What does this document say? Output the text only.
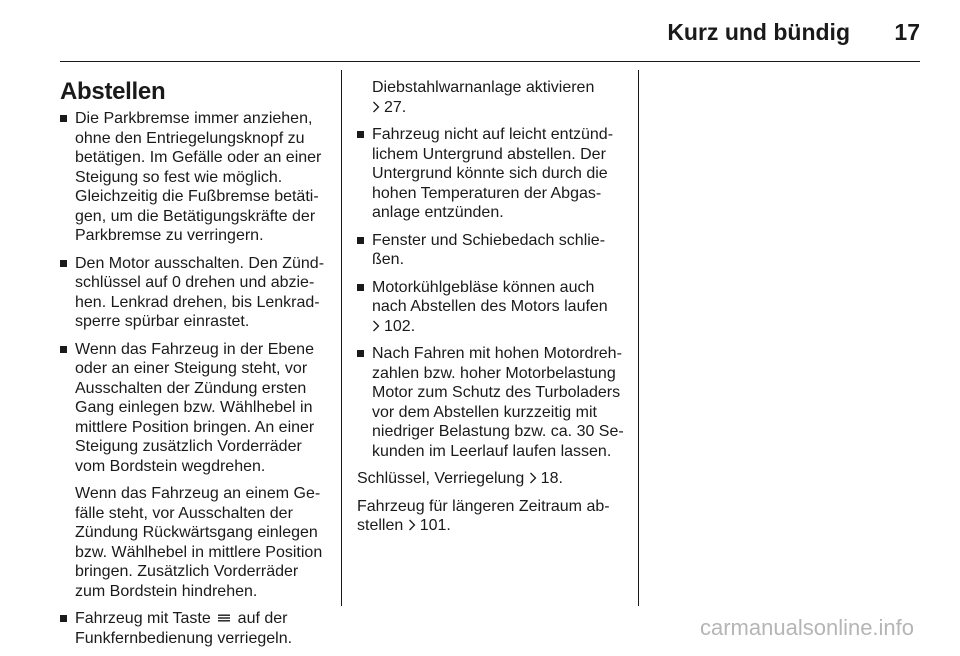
Kurz und bündig	17
Abstellen
Die Parkbremse immer anziehen,
ohne den Entriegelungsknopf zu
betätigen. Im Gefälle oder an einer
Steigung so fest wie möglich.
Gleichzeitig die Fußbremse betäti-
gen, um die Betätigungskräfte der
Parkbremse zu verringern.
Den Motor ausschalten. Den Zünd-
schlüssel auf 0 drehen und abzie-
hen. Lenkrad drehen, bis Lenkrad-
sperre spürbar einrastet.
Wenn das Fahrzeug in der Ebene
oder an einer Steigung steht, vor
Ausschalten der Zündung ersten
Gang einlegen bzw. Wählhebel in
mittlere Position bringen. An einer
Steigung zusätzlich Vorderräder
vom Bordstein wegdrehen.
Wenn das Fahrzeug an einem Ge-
fälle steht, vor Ausschalten der
Zündung Rückwärtsgang einlegen
bzw. Wählhebel in mittlere Position
bringen. Zusätzlich Vorderräder
zum Bordstein hindrehen.
Fahrzeug mit Taste auf der
Funkfernbedienung verriegeln.
Diebstahlwarnanlage aktivieren
27.
Fahrzeug nicht auf leicht entzünd-
lichem Untergrund abstellen. Der
Untergrund könnte sich durch die
hohen Temperaturen der Abgas-
anlage entzünden.
Fenster und Schiebedach schlie-
ßen.
Motorkühlgebläse können auch
nach Abstellen des Motors laufen
102.
Nach Fahren mit hohen Motordreh-
zahlen bzw. hoher Motorbelastung
Motor zum Schutz des Turboladers
vor dem Abstellen kurzzeitig mit
niedriger Belastung bzw. ca. 30 Se-
kunden im Leerlauf laufen lassen.
Schlüssel, Verriegelung 18.
Fahrzeug für längeren Zeitraum ab-
stellen 101.
carmanualsonline.info
